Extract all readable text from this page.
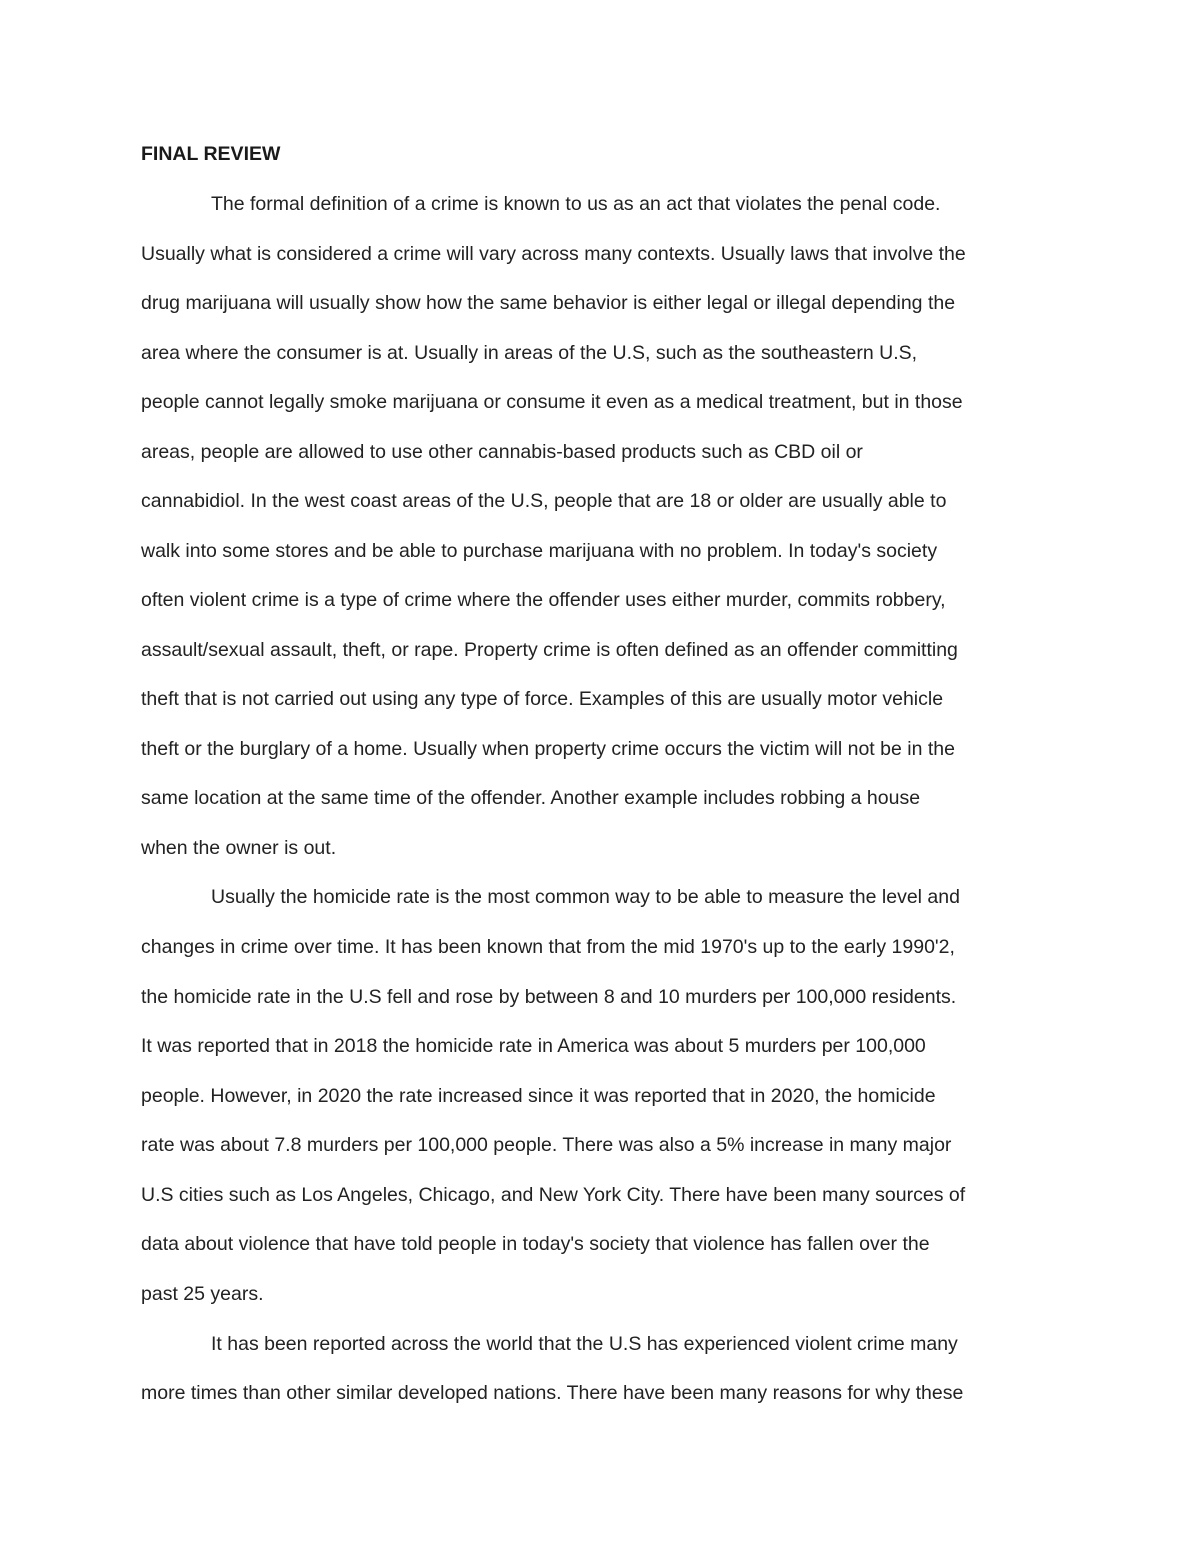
FINAL REVIEW

The formal definition of a crime is known to us as an act that violates the penal code.

Usually what is considered a crime will vary across many contexts. Usually laws that involve the

drug marijuana will usually show how the same behavior is either legal or illegal depending the

area where the consumer is at. Usually in areas of the U.S, such as the southeastern U.S,

people cannot legally smoke marijuana or consume it even as a medical treatment, but in those

areas, people are allowed to use other cannabis-based products such as CBD oil or

cannabidiol. In the west coast areas of the U.S, people that are 18 or older are usually able to

walk into some stores and be able to purchase marijuana with no problem. In today's society

often violent crime is a type of crime where the offender uses either murder, commits robbery,

assault/sexual assault, theft, or rape. Property crime is often defined as an offender committing

theft that is not carried out using any type of force. Examples of this are usually motor vehicle

theft or the burglary of a home. Usually when property crime occurs the victim will not be in the

same location at the same time of the offender. Another example includes robbing a house

when the owner is out.

Usually the homicide rate is the most common way to be able to measure the level and

changes in crime over time. It has been known that from the mid 1970's up to the early 1990'2,

the homicide rate in the U.S fell and rose by between 8 and 10 murders per 100,000 residents.

It was reported that in 2018 the homicide rate in America was about 5 murders per 100,000

people. However, in 2020 the rate increased since it was reported that in 2020, the homicide

rate was about 7.8 murders per 100,000 people. There was also a 5% increase in many major

U.S cities such as Los Angeles, Chicago, and New York City. There have been many sources of

data about violence that have told people in today's society that violence has fallen over the

past 25 years.

It has been reported across the world that the U.S has experienced violent crime many

more times than other similar developed nations. There have been many reasons for why these
